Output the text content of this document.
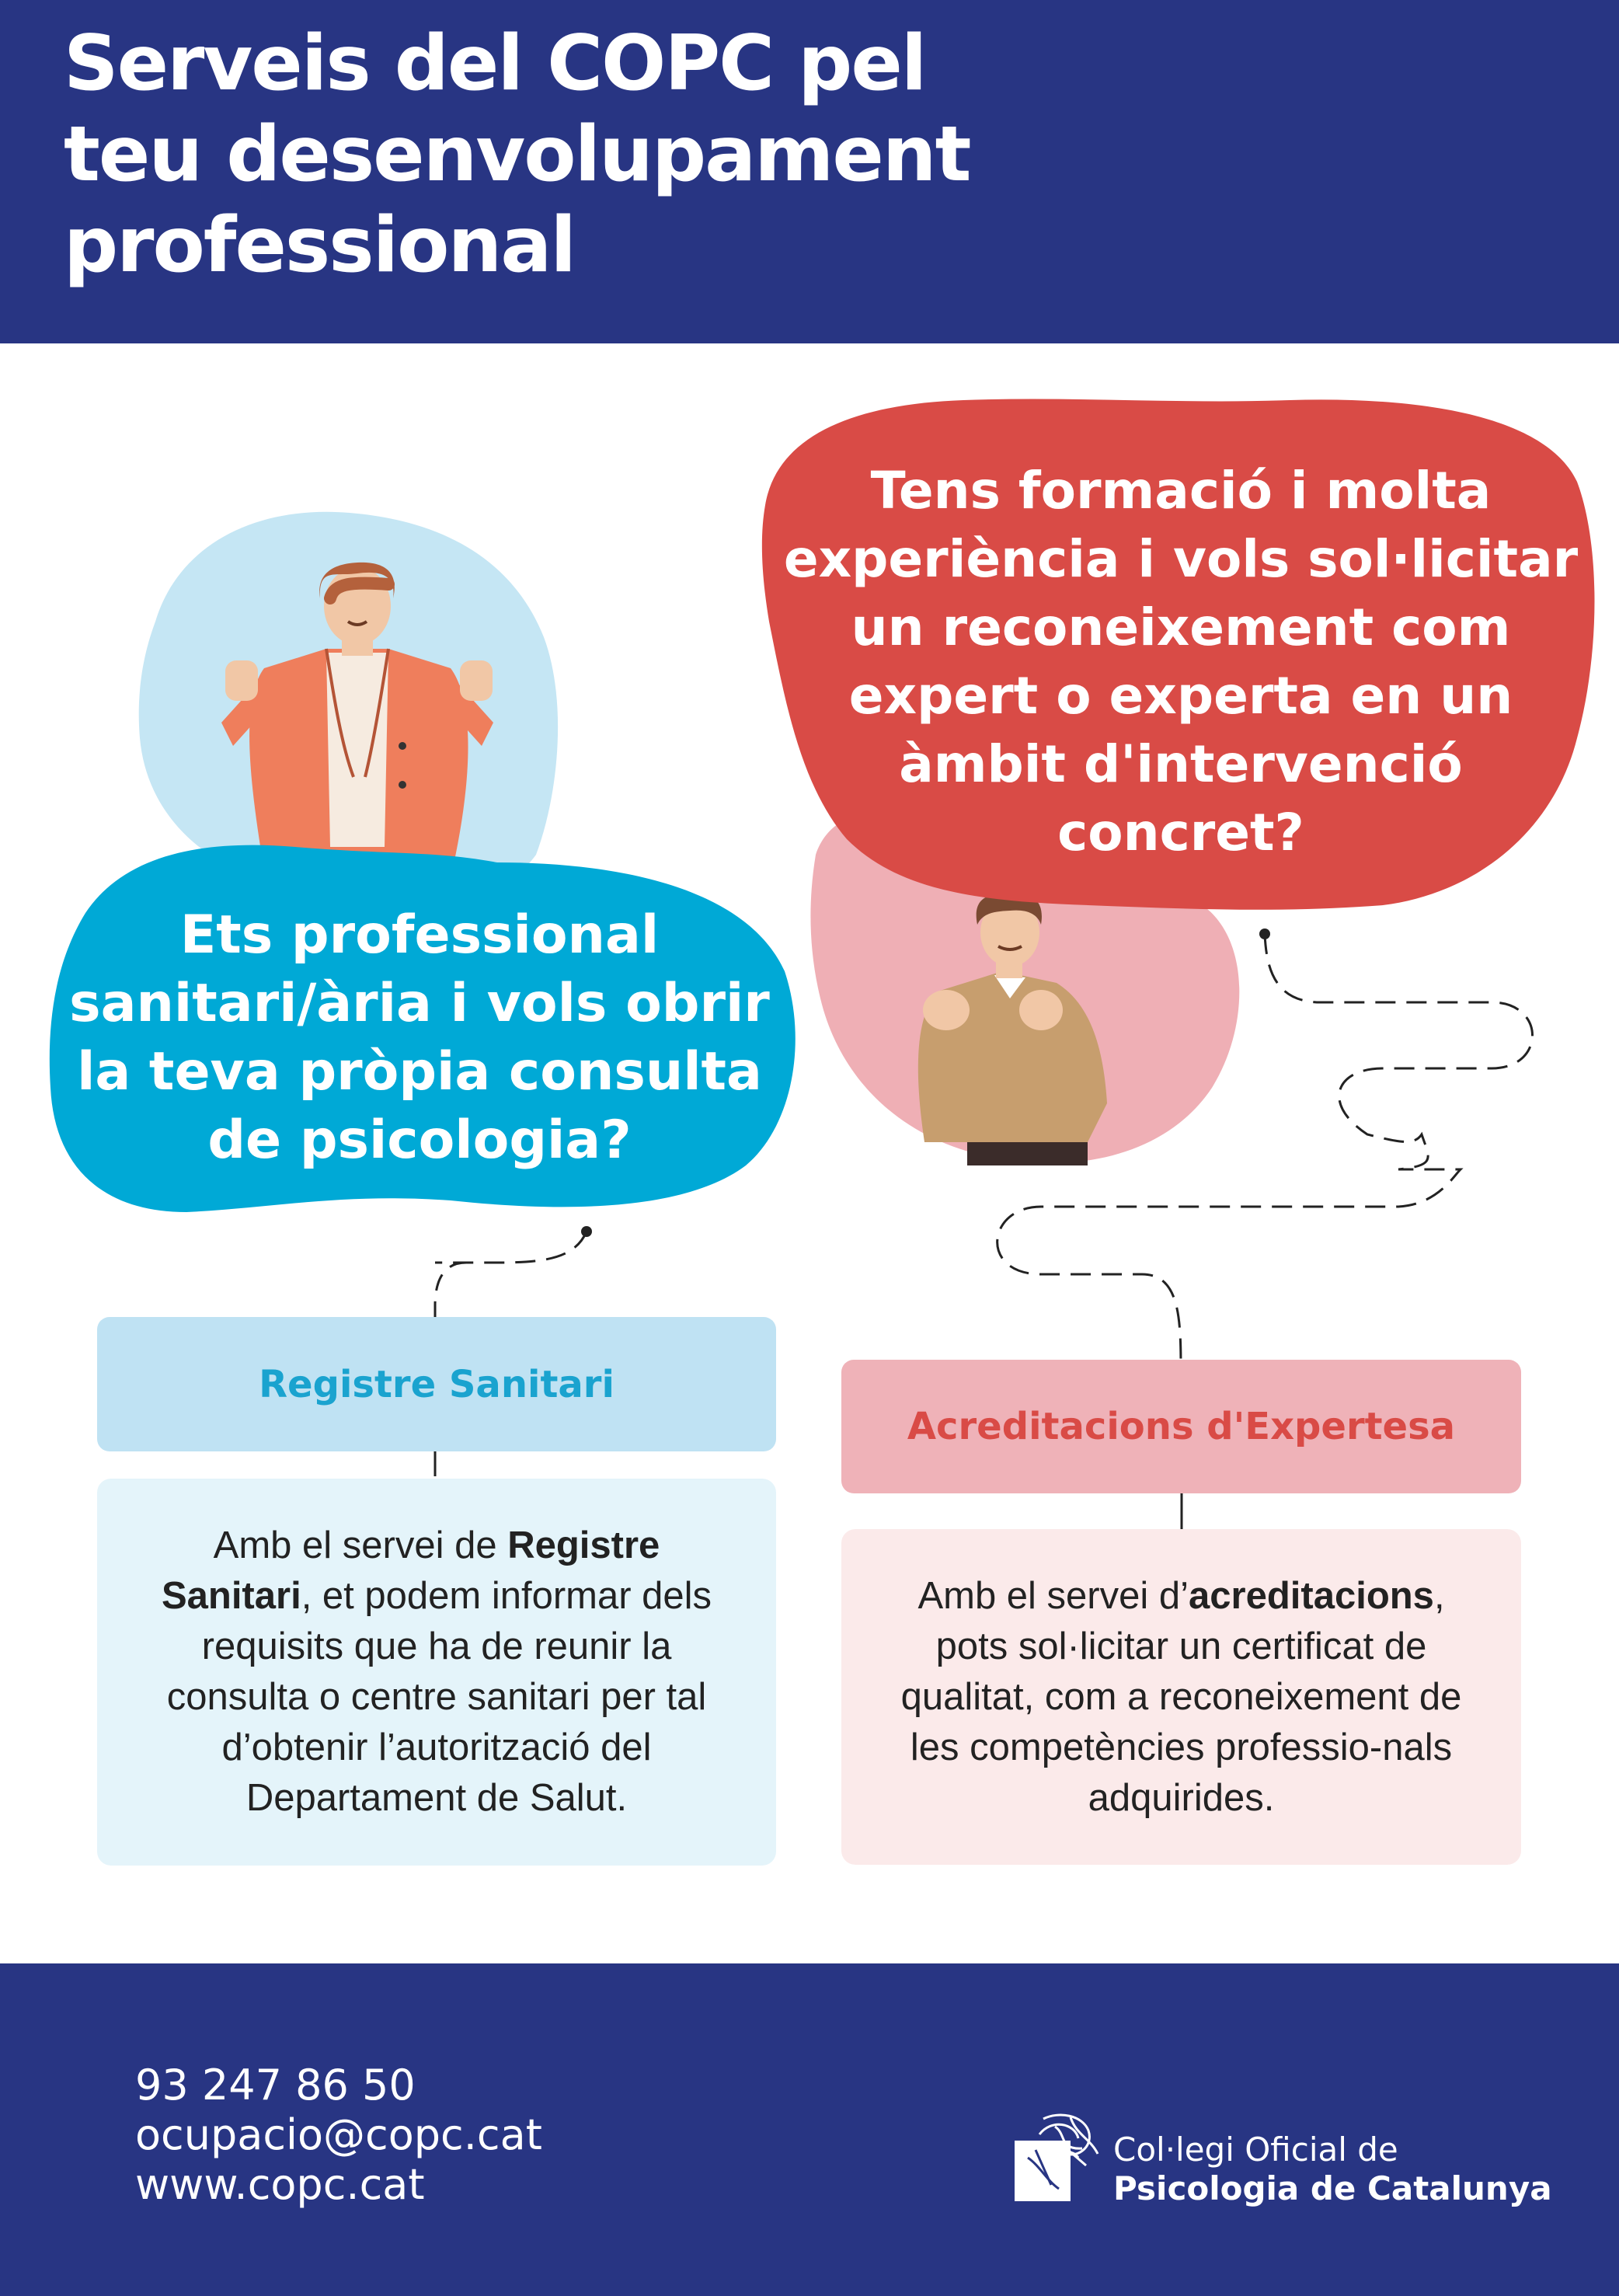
Serveis del COPC pel
teu desenvolupament
professional
Ets professional
sanitari/ària i vols obrir
la teva pròpia consulta
de psicologia?
Tens formació i molta
experiència i vols sol·licitar
un reconeixement com
expert o experta en un
àmbit d'intervenció
concret?
Registre Sanitari

Amb el servei de Registre Sanitari, et podem informar dels requisits que ha de reunir la consulta o centre sanitari per tal d’obtenir l’autorització del Departament de Salut.

Acreditacions d'Expertesa

Amb el servei d’acreditacions, pots sol·licitar un certificat de qualitat, com a reconeixement de les competències professio-nals adquirides.

93 247 86 50
ocupacio@copc.cat
www.copc.cat
Col·legi Oficial de
Psicologia de Catalunya
